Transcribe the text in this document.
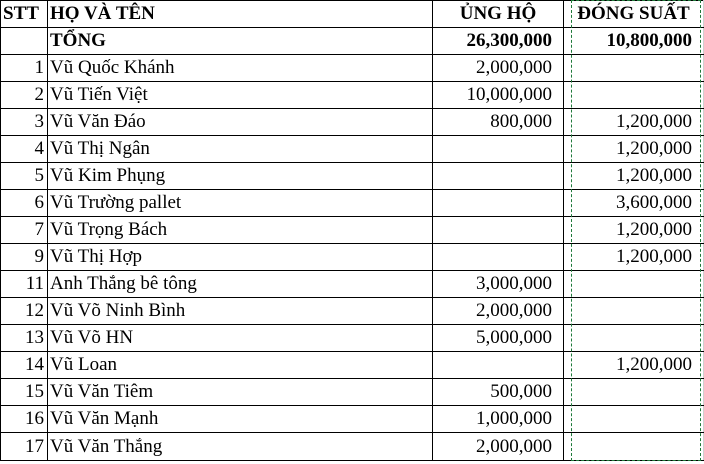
STT	HỌ VÀ TÊN	ỦNG HỘ	ĐÓNG SUẤT
	TỔNG	26,300,000	10,800,000
1	Vũ Quốc Khánh	2,000,000	
2	Vũ Tiến Việt	10,000,000	
3	Vũ Văn Đáo	800,000	1,200,000
4	Vũ Thị Ngân		1,200,000
5	Vũ Kim Phụng		1,200,000
6	Vũ Trường pallet		3,600,000
7	Vũ Trọng Bách		1,200,000
9	Vũ Thị Hợp		1,200,000
11	Anh Thắng bê tông	3,000,000	
12	Vũ Võ Ninh Bình	2,000,000	
13	Vũ Võ HN	5,000,000	
14	Vũ Loan		1,200,000
15	Vũ Văn Tiêm	500,000	
16	Vũ Văn Mạnh	1,000,000	
17	Vũ Văn Thắng	2,000,000	
